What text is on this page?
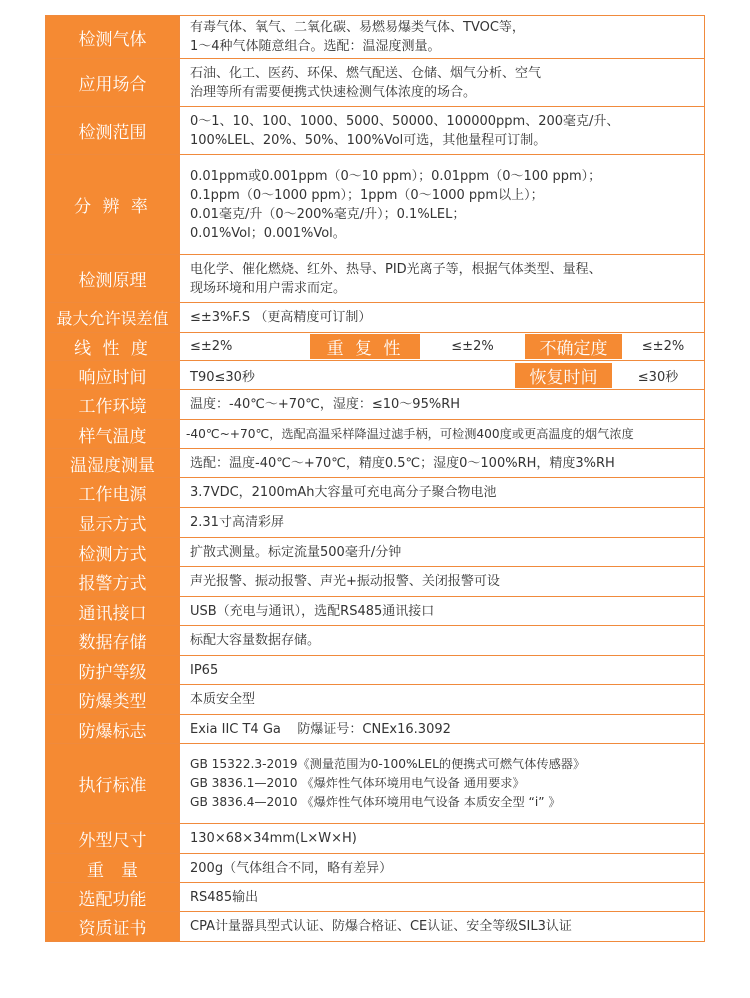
检测气体	有毒气体、氧气、二氧化碳、易燃易爆类气体、TVOC等，
1～4种气体随意组合。选配：温湿度测量。

应用场合	石油、化工、医药、环保、燃气配送、仓储、烟气分析、空气
治理等所有需要便携式快速检测气体浓度的场合。

检测范围	0～1、10、100、1000、5000、50000、100000ppm、200毫克/升、
100%LEL、20%、50%、100%Vol可选，其他量程可订制。

分 辨 率	0.01ppm或0.001ppm（0～10 ppm）；0.01ppm（0～100 ppm）；
0.1ppm（0～1000 ppm）；1ppm（0～1000 ppm以上）；
0.01毫克/升（0～200%毫克/升）；0.1%LEL；
0.01%Vol；0.001%Vol。

检测原理	电化学、催化燃烧、红外、热导、PID光离子等，根据气体类型、量程、
现场环境和用户需求而定。

最大允许误差值	≤±3%F.S （更高精度可订制）
线 性 度	≤±2% 重 复 性 ≤±2% 不确定度 ≤±2%

响应时间	T90≤30秒 恢复时间 ≤30秒

工作环境	温度：-40℃～+70℃，湿度：≤10～95%RH
样气温度	-40℃~+70℃，选配高温采样降温过滤手柄，可检测400度或更高温度的烟气浓度
温湿度测量	选配：温度-40℃～+70℃，精度0.5℃；湿度0～100%RH，精度3%RH
工作电源	3.7VDC，2100mAh大容量可充电高分子聚合物电池
显示方式	2.31寸高清彩屏
检测方式	扩散式测量。标定流量500毫升/分钟
报警方式	声光报警、振动报警、声光+振动报警、关闭报警可设
通讯接口	USB（充电与通讯），选配RS485通讯接口
数据存储	标配大容量数据存储。
防护等级	IP65
防爆类型	本质安全型
防爆标志	Exia IIC T4 Ga    防爆证号：CNEx16.3092
执行标准	GB 15322.3-2019《测量范围为0-100%LEL的便携式可燃气体传感器》
GB 3836.1—2010 《爆炸性气体环境用电气设备 通用要求》
GB 3836.4—2010 《爆炸性气体环境用电气设备 本质安全型 “i” 》

外型尺寸	130×68×34mm(L×W×H)
重　量	200g（气体组合不同，略有差异）
选配功能	RS485输出
资质证书	CPA计量器具型式认证、防爆合格证、CE认证、安全等级SIL3认证
